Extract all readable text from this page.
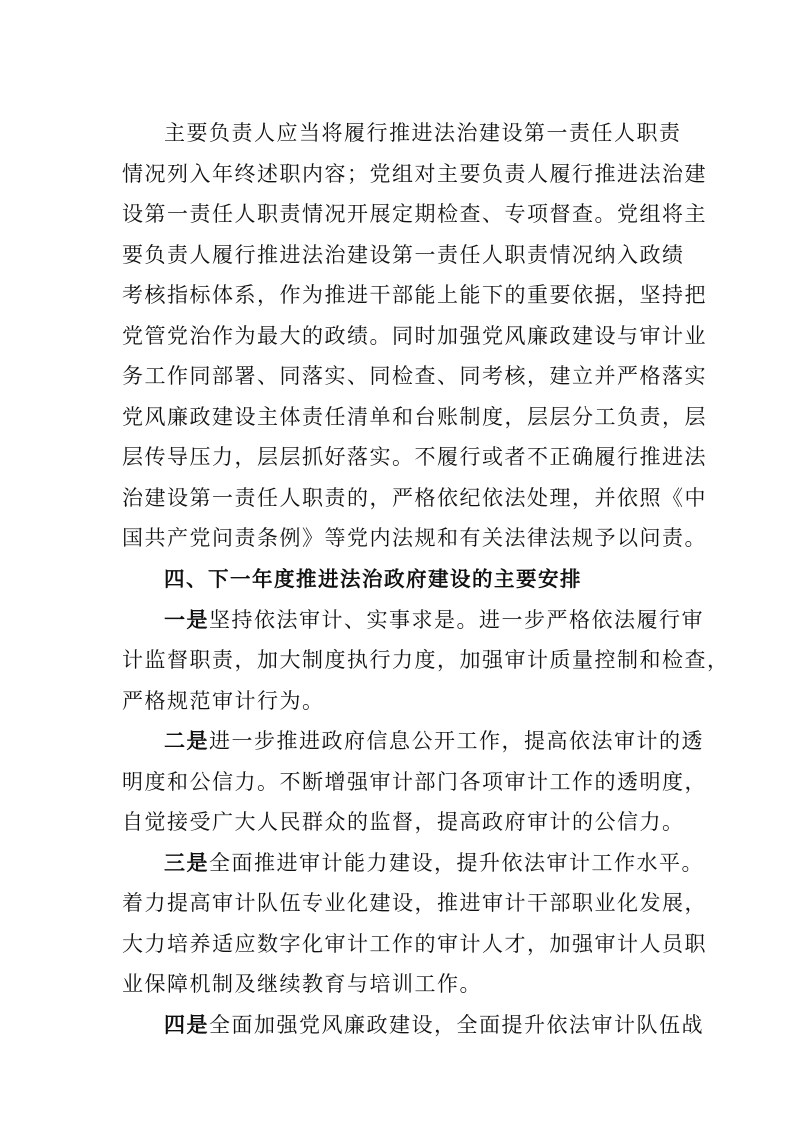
主要负责人应当将履行推进法治建设第一责任人职责
情况列入年终述职内容；党组对主要负责人履行推进法治建
设第一责任人职责情况开展定期检查、专项督查。党组将主
要负责人履行推进法治建设第一责任人职责情况纳入政绩
考核指标体系，作为推进干部能上能下的重要依据，坚持把
党管党治作为最大的政绩。同时加强党风廉政建设与审计业
务工作同部署、同落实、同检查、同考核，建立并严格落实
党风廉政建设主体责任清单和台账制度，层层分工负责，层
层传导压力，层层抓好落实。不履行或者不正确履行推进法
治建设第一责任人职责的，严格依纪依法处理，并依照《中
国共产党问责条例》等党内法规和有关法律法规予以问责。
四、下一年度推进法治政府建设的主要安排
一是坚持依法审计、实事求是。进一步严格依法履行审
计监督职责，加大制度执行力度，加强审计质量控制和检查，
严格规范审计行为。
二是进一步推进政府信息公开工作，提高依法审计的透
明度和公信力。不断增强审计部门各项审计工作的透明度，
自觉接受广大人民群众的监督，提高政府审计的公信力。
三是全面推进审计能力建设，提升依法审计工作水平。
着力提高审计队伍专业化建设，推进审计干部职业化发展，
大力培养适应数字化审计工作的审计人才，加强审计人员职
业保障机制及继续教育与培训工作。
四是全面加强党风廉政建设，全面提升依法审计队伍战
